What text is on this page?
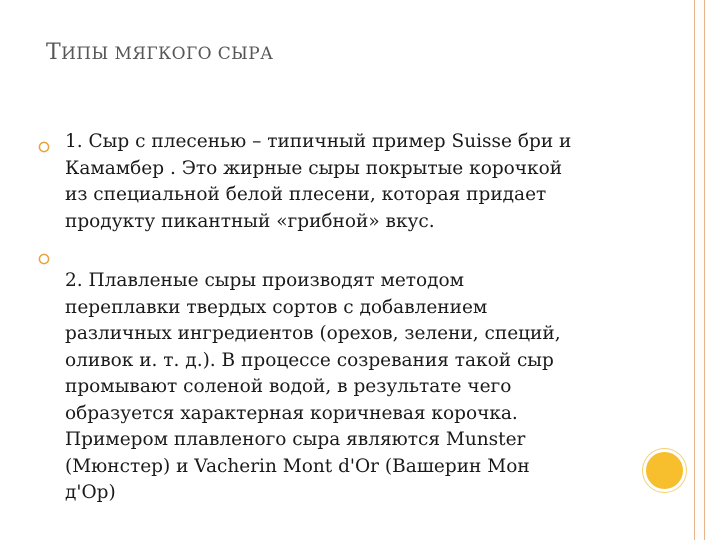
ТИПЫ МЯГКОГО СЫРА

1. Сыр с плесенью – типичный пример Suisse бри и
Камамбер . Это жирные сыры покрытые корочкой
из специальной белой плесени, которая придает
продукту пикантный «грибной» вкус.

2. Плавленые сыры производят методом
переплавки твердых сортов с добавлением
различных ингредиентов (орехов, зелени, специй,
оливок и. т. д.). В процессе созревания такой сыр
промывают соленой водой, в результате чего
образуется характерная коричневая корочка.
Примером плавленого сыра являются Munster
(Мюнстер) и Vacherin Mont d'Or (Вашерин Мон
д'Ор)
